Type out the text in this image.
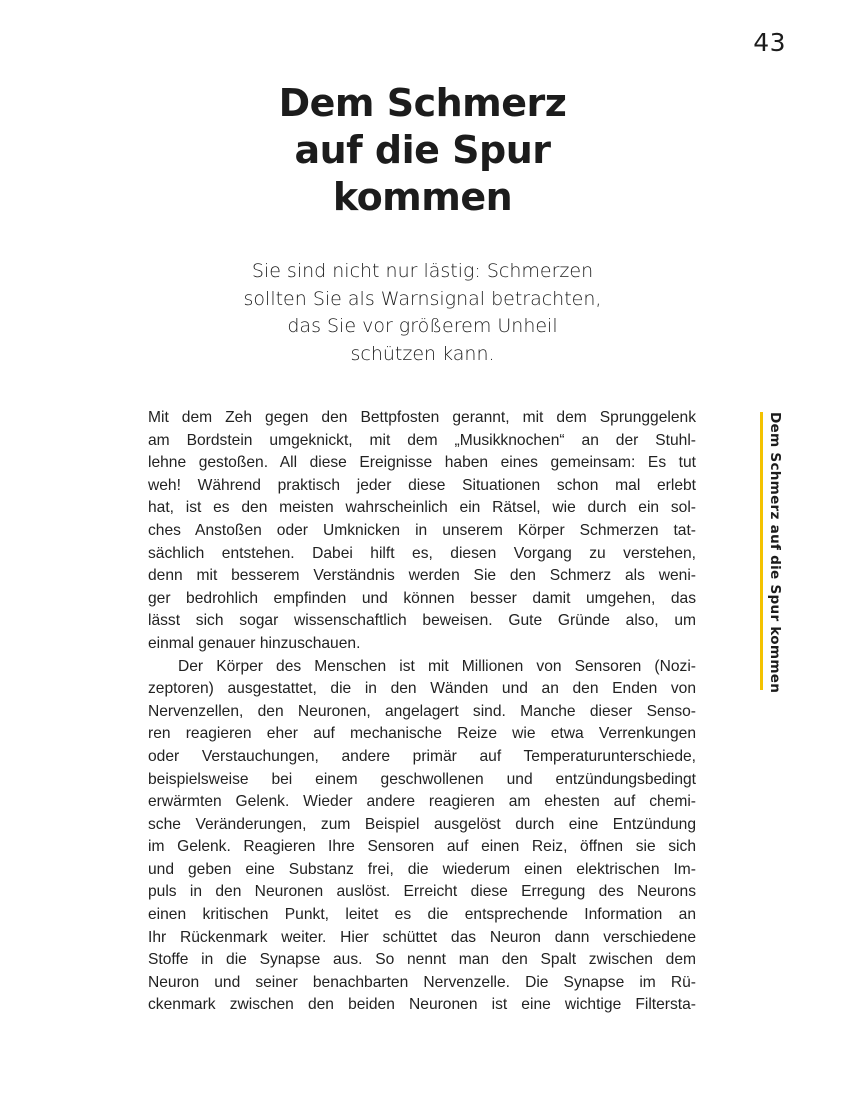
43
Dem Schmerz
auf die Spur
kommen

Sie sind nicht nur lästig: Schmerzen
sollten Sie als Warnsignal betrachten,
das Sie vor größerem Unheil
schützen kann.

Mit dem Zeh gegen den Bettpfosten gerannt, mit dem Sprunggelenk
am Bordstein umgeknickt, mit dem „Musikknochen“ an der Stuhl-
lehne gestoßen. All diese Ereignisse haben eines gemeinsam: Es tut
weh! Während praktisch jeder diese Situationen schon mal erlebt
hat, ist es den meisten wahrscheinlich ein Rätsel, wie durch ein sol-
ches Anstoßen oder Umknicken in unserem Körper Schmerzen tat-
sächlich entstehen. Dabei hilft es, diesen Vorgang zu verstehen,
denn mit besserem Verständnis werden Sie den Schmerz als weni-
ger bedrohlich empfinden und können besser damit umgehen, das
lässt sich sogar wissenschaftlich beweisen. Gute Gründe also, um
einmal genauer hinzuschauen.
Der Körper des Menschen ist mit Millionen von Sensoren (Nozi-
zeptoren) ausgestattet, die in den Wänden und an den Enden von
Nervenzellen, den Neuronen, angelagert sind. Manche dieser Senso-
ren reagieren eher auf mechanische Reize wie etwa Verrenkungen
oder Verstauchungen, andere primär auf Temperaturunterschiede,
beispielsweise bei einem geschwollenen und entzündungsbedingt
erwärmten Gelenk. Wieder andere reagieren am ehesten auf chemi-
sche Veränderungen, zum Beispiel ausgelöst durch eine Entzündung
im Gelenk. Reagieren Ihre Sensoren auf einen Reiz, öffnen sie sich
und geben eine Substanz frei, die wiederum einen elektrischen Im-
puls in den Neuronen auslöst. Erreicht diese Erregung des Neurons
einen kritischen Punkt, leitet es die entsprechende Information an
Ihr Rückenmark weiter. Hier schüttet das Neuron dann verschiedene
Stoffe in die Synapse aus. So nennt man den Spalt zwischen dem
Neuron und seiner benachbarten Nervenzelle. Die Synapse im Rü-
ckenmark zwischen den beiden Neuronen ist eine wichtige Filtersta-
Dem Schmerz auf die Spur kommen
